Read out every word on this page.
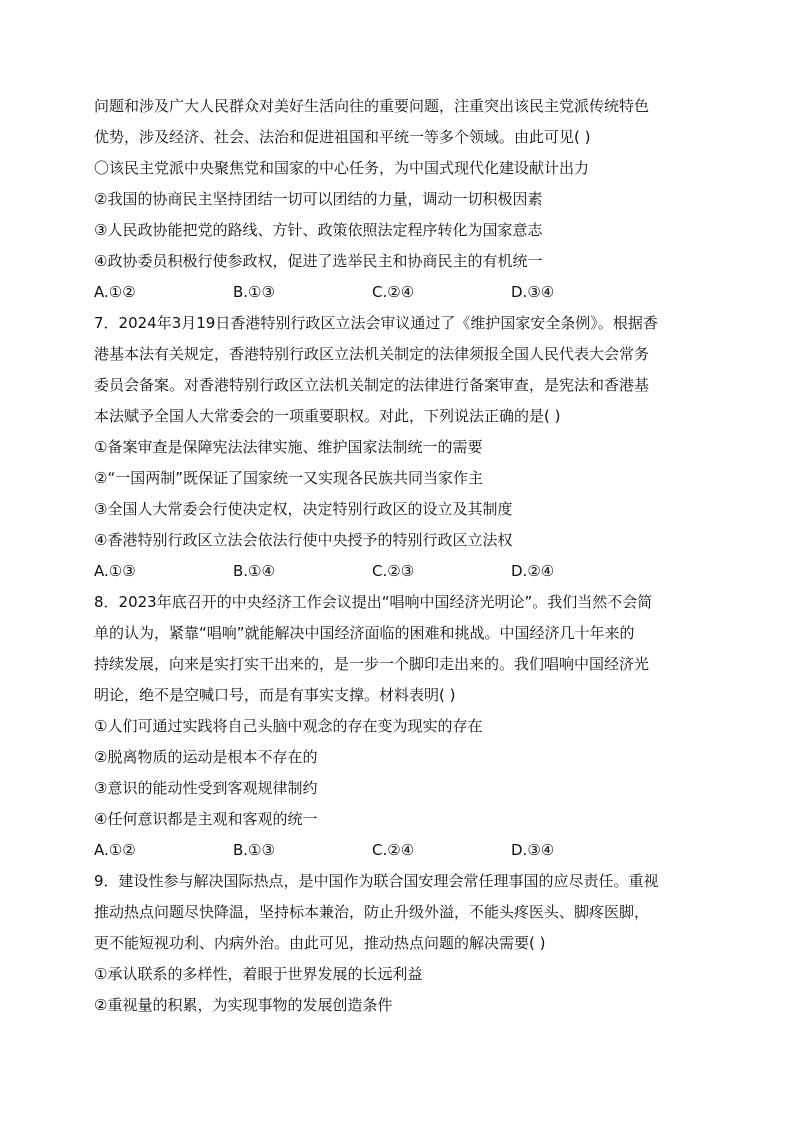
问题和涉及广大人民群众对美好生活向往的重要问题，注重突出该民主党派传统特色
优势，涉及经济、社会、法治和促进祖国和平统一等多个领域。由此可见( )
〇该民主党派中央聚焦党和国家的中心任务，为中国式现代化建设献计出力
②我国的协商民主坚持团结一切可以团结的力量，调动一切积极因素
③人民政协能把党的路线、方针、政策依照法定程序转化为国家意志
④政协委员积极行使参政权，促进了选举民主和协商民主的有机统一
A.①②	B.①③	C.②④	D.③④
7．2024年3月19日香港特别行政区立法会审议通过了《维护国家安全条例》。根据香
港基本法有关规定，香港特别行政区立法机关制定的法律须报全国人民代表大会常务
委员会备案。对香港特别行政区立法机关制定的法律进行备案审查，是宪法和香港基
本法赋予全国人大常委会的一项重要职权。对此，下列说法正确的是( )
①备案审查是保障宪法法律实施、维护国家法制统一的需要
②“一国两制”既保证了国家统一又实现各民族共同当家作主
③全国人大常委会行使决定权，决定特别行政区的设立及其制度
④香港特别行政区立法会依法行使中央授予的特别行政区立法权
A.①③	B.①④	C.②③	D.②④
8．2023年底召开的中央经济工作会议提出“唱响中国经济光明论”。我们当然不会简
单的认为，紧靠“唱响”就能解决中国经济面临的困难和挑战。中国经济几十年来的
持续发展，向来是实打实干出来的，是一步一个脚印走出来的。我们唱响中国经济光
明论，绝不是空喊口号，而是有事实支撑。材料表明( )
①人们可通过实践将自己头脑中观念的存在变为现实的存在
②脱离物质的运动是根本不存在的
③意识的能动性受到客观规律制约
④任何意识都是主观和客观的统一
A.①②	B.①③	C.②④	D.③④
9．建设性参与解决国际热点，是中国作为联合国安理会常任理事国的应尽责任。重视
推动热点问题尽快降温，坚持标本兼治，防止升级外溢，不能头疼医头、脚疼医脚，
更不能短视功利、内病外治。由此可见，推动热点问题的解决需要( )
①承认联系的多样性，着眼于世界发展的长远利益
②重视量的积累，为实现事物的发展创造条件
